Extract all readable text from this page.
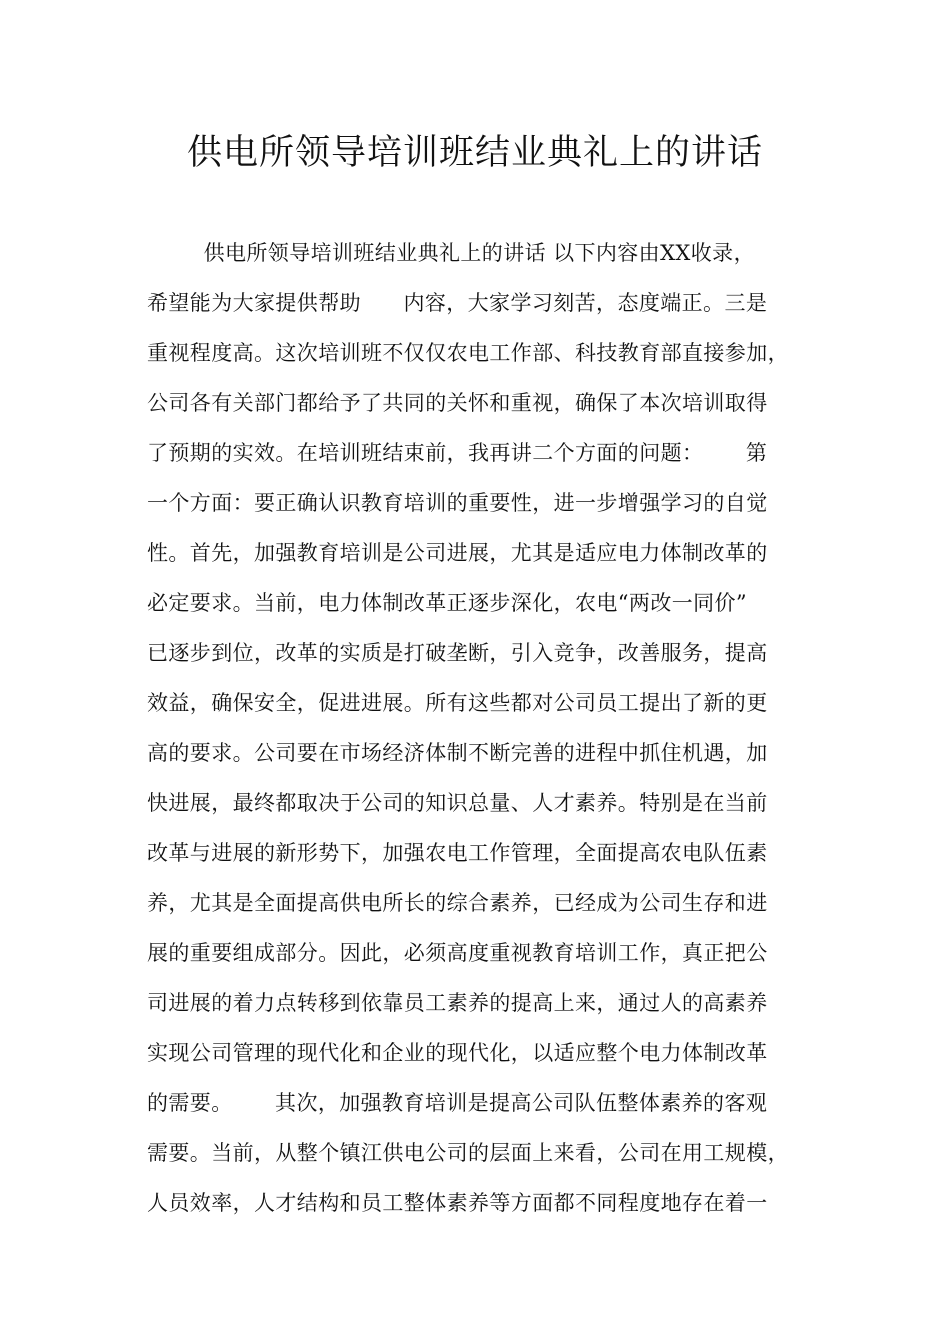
供电所领导培训班结业典礼上的讲话
供电所领导培训班结业典礼上的讲话 以下内容由XX收录，
希望能为大家提供帮助      内容，大家学习刻苦，态度端正。三是
重视程度高。这次培训班不仅仅农电工作部、科技教育部直接参加，
公司各有关部门都给予了共同的关怀和重视，确保了本次培训取得
了预期的实效。在培训班结束前，我再讲二个方面的问题：      第
一个方面：要正确认识教育培训的重要性，进一步增强学习的自觉
性。首先，加强教育培训是公司进展，尤其是适应电力体制改革的
必定要求。当前，电力体制改革正逐步深化，农电“两改一同价”
已逐步到位，改革的实质是打破垄断，引入竞争，改善服务，提高
效益，确保安全，促进进展。所有这些都对公司员工提出了新的更
高的要求。公司要在市场经济体制不断完善的进程中抓住机遇，加
快进展，最终都取决于公司的知识总量、人才素养。特别是在当前
改革与进展的新形势下，加强农电工作管理，全面提高农电队伍素
养，尤其是全面提高供电所长的综合素养，已经成为公司生存和进
展的重要组成部分。因此，必须高度重视教育培训工作，真正把公
司进展的着力点转移到依靠员工素养的提高上来，通过人的高素养
实现公司管理的现代化和企业的现代化，以适应整个电力体制改革
的需要。      其次，加强教育培训是提高公司队伍整体素养的客观
需要。当前，从整个镇江供电公司的层面上来看，公司在用工规模，
人员效率，人才结构和员工整体素养等方面都不同程度地存在着一
